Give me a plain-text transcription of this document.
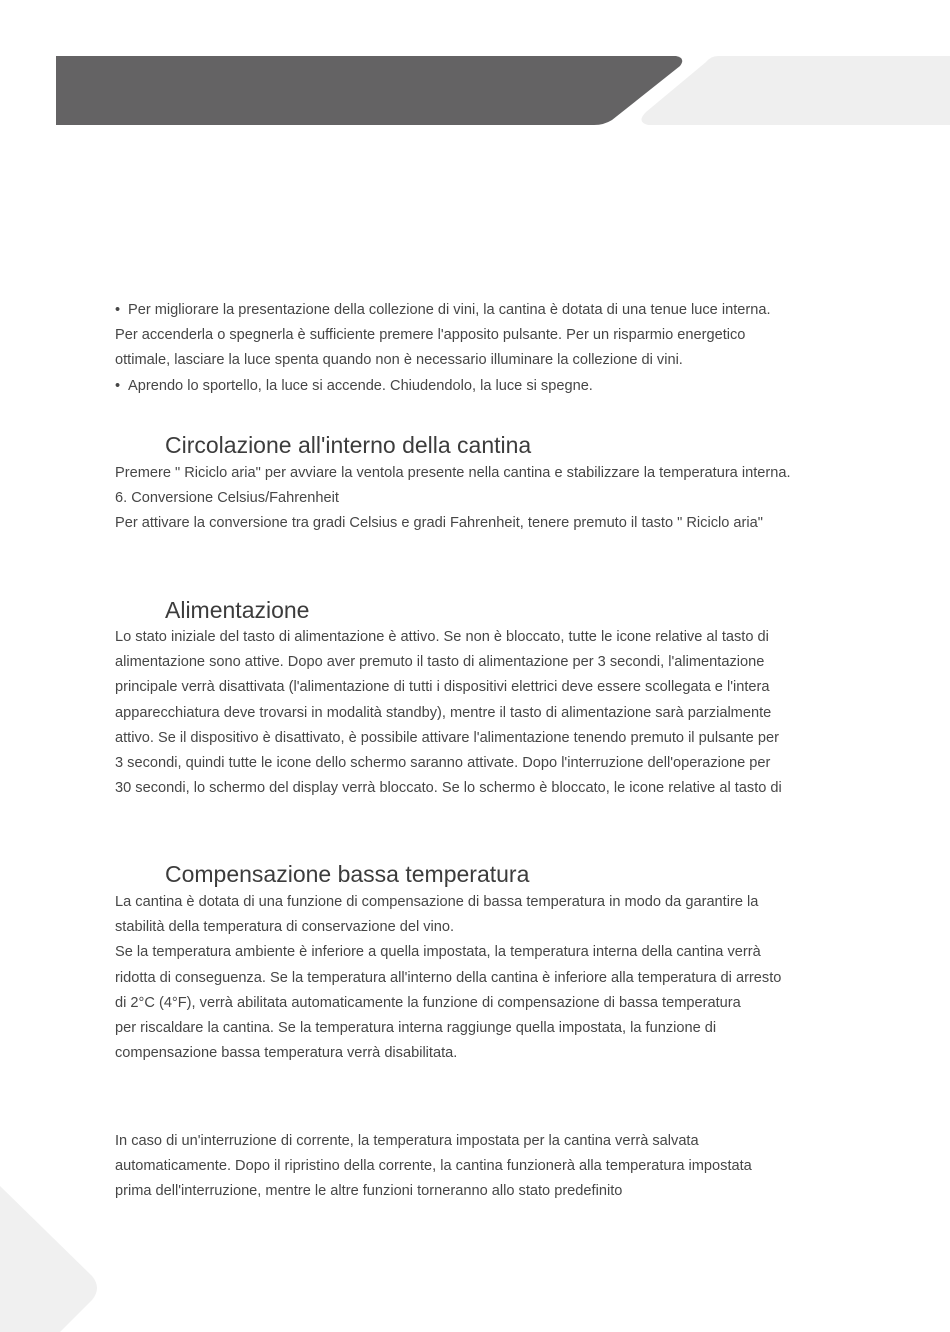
• Per migliorare la presentazione della collezione di vini, la cantina è dotata di una tenue luce interna.

Per accenderla o spegnerla è sufficiente premere l'apposito pulsante. Per un risparmio energetico

ottimale, lasciare la luce spenta quando non è necessario illuminare la collezione di vini.

• Aprendo lo sportello, la luce si accende. Chiudendolo, la luce si spegne.

Circolazione all'interno della cantina

Premere " Riciclo aria" per avviare la ventola presente nella cantina e stabilizzare la temperatura interna.

6. Conversione Celsius/Fahrenheit

Per attivare la conversione tra gradi Celsius e gradi Fahrenheit, tenere premuto il tasto " Riciclo aria"

Alimentazione

Lo stato iniziale del tasto di alimentazione è attivo. Se non è bloccato, tutte le icone relative al tasto di

alimentazione sono attive. Dopo aver premuto il tasto di alimentazione per 3 secondi, l'alimentazione

principale verrà disattivata (l'alimentazione di tutti i dispositivi elettrici deve essere scollegata e l'intera

apparecchiatura deve trovarsi in modalità standby), mentre il tasto di alimentazione sarà parzialmente

attivo. Se il dispositivo è disattivato, è possibile attivare l'alimentazione tenendo premuto il pulsante per

3 secondi, quindi tutte le icone dello schermo saranno attivate. Dopo l'interruzione dell'operazione per

30 secondi, lo schermo del display verrà bloccato. Se lo schermo è bloccato, le icone relative al tasto di

Compensazione bassa temperatura

La cantina è dotata di una funzione di compensazione di bassa temperatura in modo da garantire la

stabilità della temperatura di conservazione del vino.

Se la temperatura ambiente è inferiore a quella impostata, la temperatura interna della cantina verrà

ridotta di conseguenza. Se la temperatura all'interno della cantina è inferiore alla temperatura di arresto

di 2°C (4°F), verrà abilitata automaticamente la funzione di compensazione di bassa temperatura

per riscaldare la cantina. Se la temperatura interna raggiunge quella impostata, la funzione di

compensazione bassa temperatura verrà disabilitata.

In caso di un'interruzione di corrente, la temperatura impostata per la cantina verrà salvata

automaticamente. Dopo il ripristino della corrente, la cantina funzionerà alla temperatura impostata

prima dell'interruzione, mentre le altre funzioni torneranno allo stato predefinito
